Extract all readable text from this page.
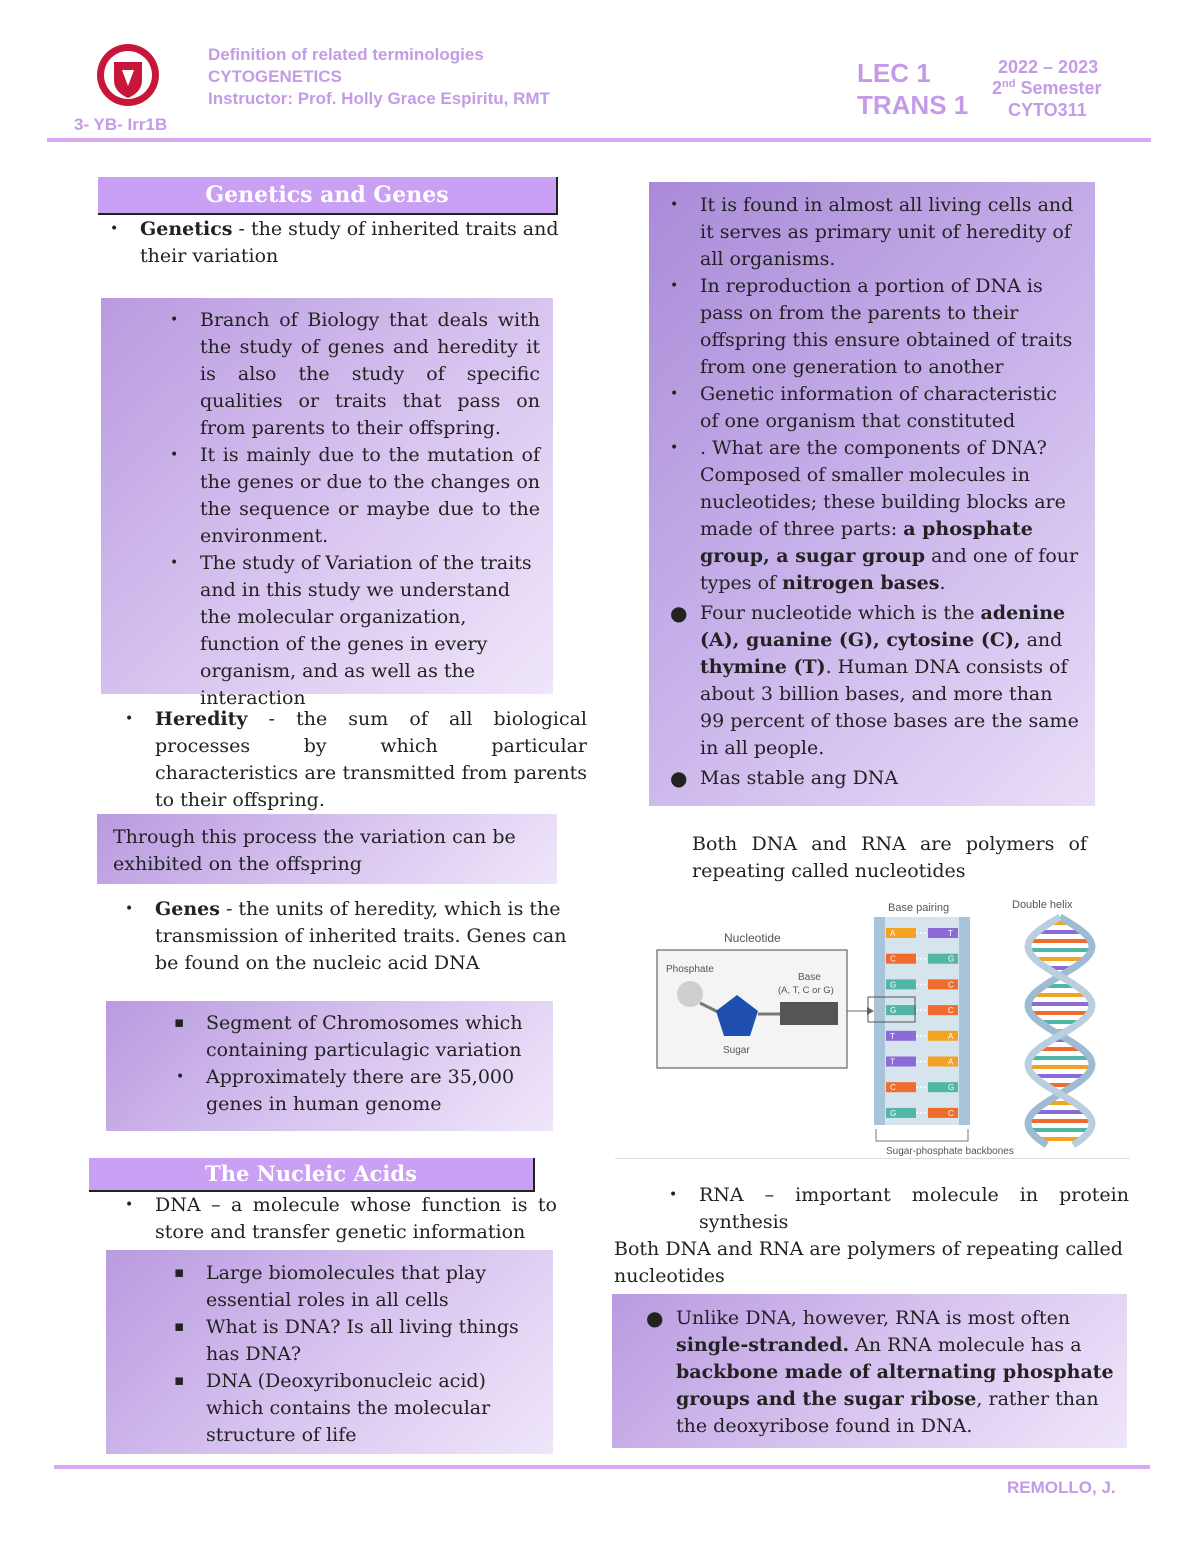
3- YB- Irr1B
Definition of related terminologies
CYTOGENETICS
Instructor: Prof. Holly Grace Espiritu, RMT
LEC 1
TRANS 1
2022 – 2023
2nd Semester
CYTO311
Genetics and Genes
• Genetics - the study of inherited traits and their variation
• Branch of Biology that deals with the study of genes and heredity it is also the study of specific qualities or traits that pass on from parents to their offspring.
• It is mainly due to the mutation of the genes or due to the changes on the sequence or maybe due to the environment.
• The study of Variation of the traits and in this study we understand the molecular organization, function of the genes in every organism, and as well as the interaction
• Heredity - the sum of all biological processes by which particular characteristics are transmitted from parents to their offspring.
Through this process the variation can be exhibited on the offspring
• Genes - the units of heredity, which is the transmission of inherited traits. Genes can be found on the nucleic acid DNA
▪ Segment of Chromosomes which containing particulagic variation
• Approximately there are 35,000 genes in human genome
The Nucleic Acids
• DNA – a molecule whose function is to store and transfer genetic information
▪ Large biomolecules that play essential roles in all cells
▪ What is DNA? Is all living things has DNA?
▪ DNA (Deoxyribonucleic acid) which contains the molecular structure of life
• It is found in almost all living cells and it serves as primary unit of heredity of all organisms.
• In reproduction a portion of DNA is pass on from the parents to their offspring this ensure obtained of traits from one generation to another
• Genetic information of characteristic of one organism that constituted
• . What are the components of DNA? Composed of smaller molecules in nucleotides; these building blocks are made of three parts: a phosphate group, a sugar group and one of four types of nitrogen bases.
● Four nucleotide which is the adenine (A), guanine (G), cytosine (C), and thymine (T). Human DNA consists of about 3 billion bases, and more than 99 percent of those bases are the same in all people.
● Mas stable ang DNA
Both DNA and RNA are polymers of repeating called nucleotides
Nucleotide
Phosphate
Base
(A, T, C or G)
Sugar
Base pairing	Double helix
A	T
C	G
G	C
G	C
T	A
T	A
C	G
G	C
Sugar-phosphate backbones
• RNA – important molecule in protein synthesis
Both DNA and RNA are polymers of repeating called nucleotides
● Unlike DNA, however, RNA is most often single-stranded. An RNA molecule has a backbone made of alternating phosphate groups and the sugar ribose, rather than the deoxyribose found in DNA.
REMOLLO, J.
